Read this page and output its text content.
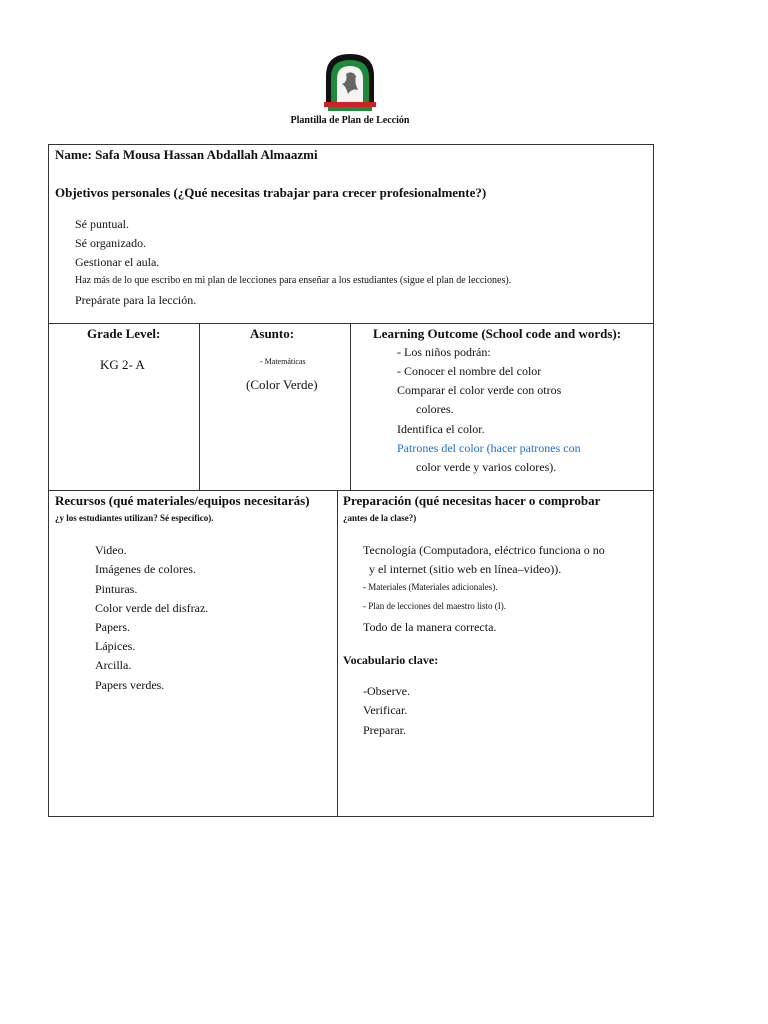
Plantilla de Plan de Lección
Name: Safa Mousa Hassan Abdallah Almaazmi
Objetivos personales (¿Qué necesitas trabajar para crecer profesionalmente?)
Sé puntual.
Sé organizado.
Gestionar el aula.
Haz más de lo que escribo en mi plan de lecciones para enseñar a los estudiantes (sigue el plan de lecciones).
Prepárate para la lección.
Grade Level:
KG 2- A
Asunto:
- Matemáticas
(Color Verde)
Learning Outcome (School code and words):
- Los niños podrán:
- Conocer el nombre del color
Comparar el color verde con otros
colores.
Identifica el color.
Patrones del color (hacer patrones con
color verde y varios colores).
Recursos (qué materiales/equipos necesitarás)
¿y los estudiantes utilizan? Sé específico).
Video.
Imágenes de colores.
Pinturas.
Color verde del disfraz.
Papers.
Lápices.
Arcilla.
Papers verdes.
Preparación (qué necesitas hacer o comprobar
¿antes de la clase?)
Tecnología (Computadora, eléctrico funciona o no
y el internet (sitio web en línea–video)).
- Materiales (Materiales adicionales).
- Plan de lecciones del maestro listo (I).
Todo de la manera correcta.
Vocabulario clave:
-Observe.
Verificar.
Preparar.
